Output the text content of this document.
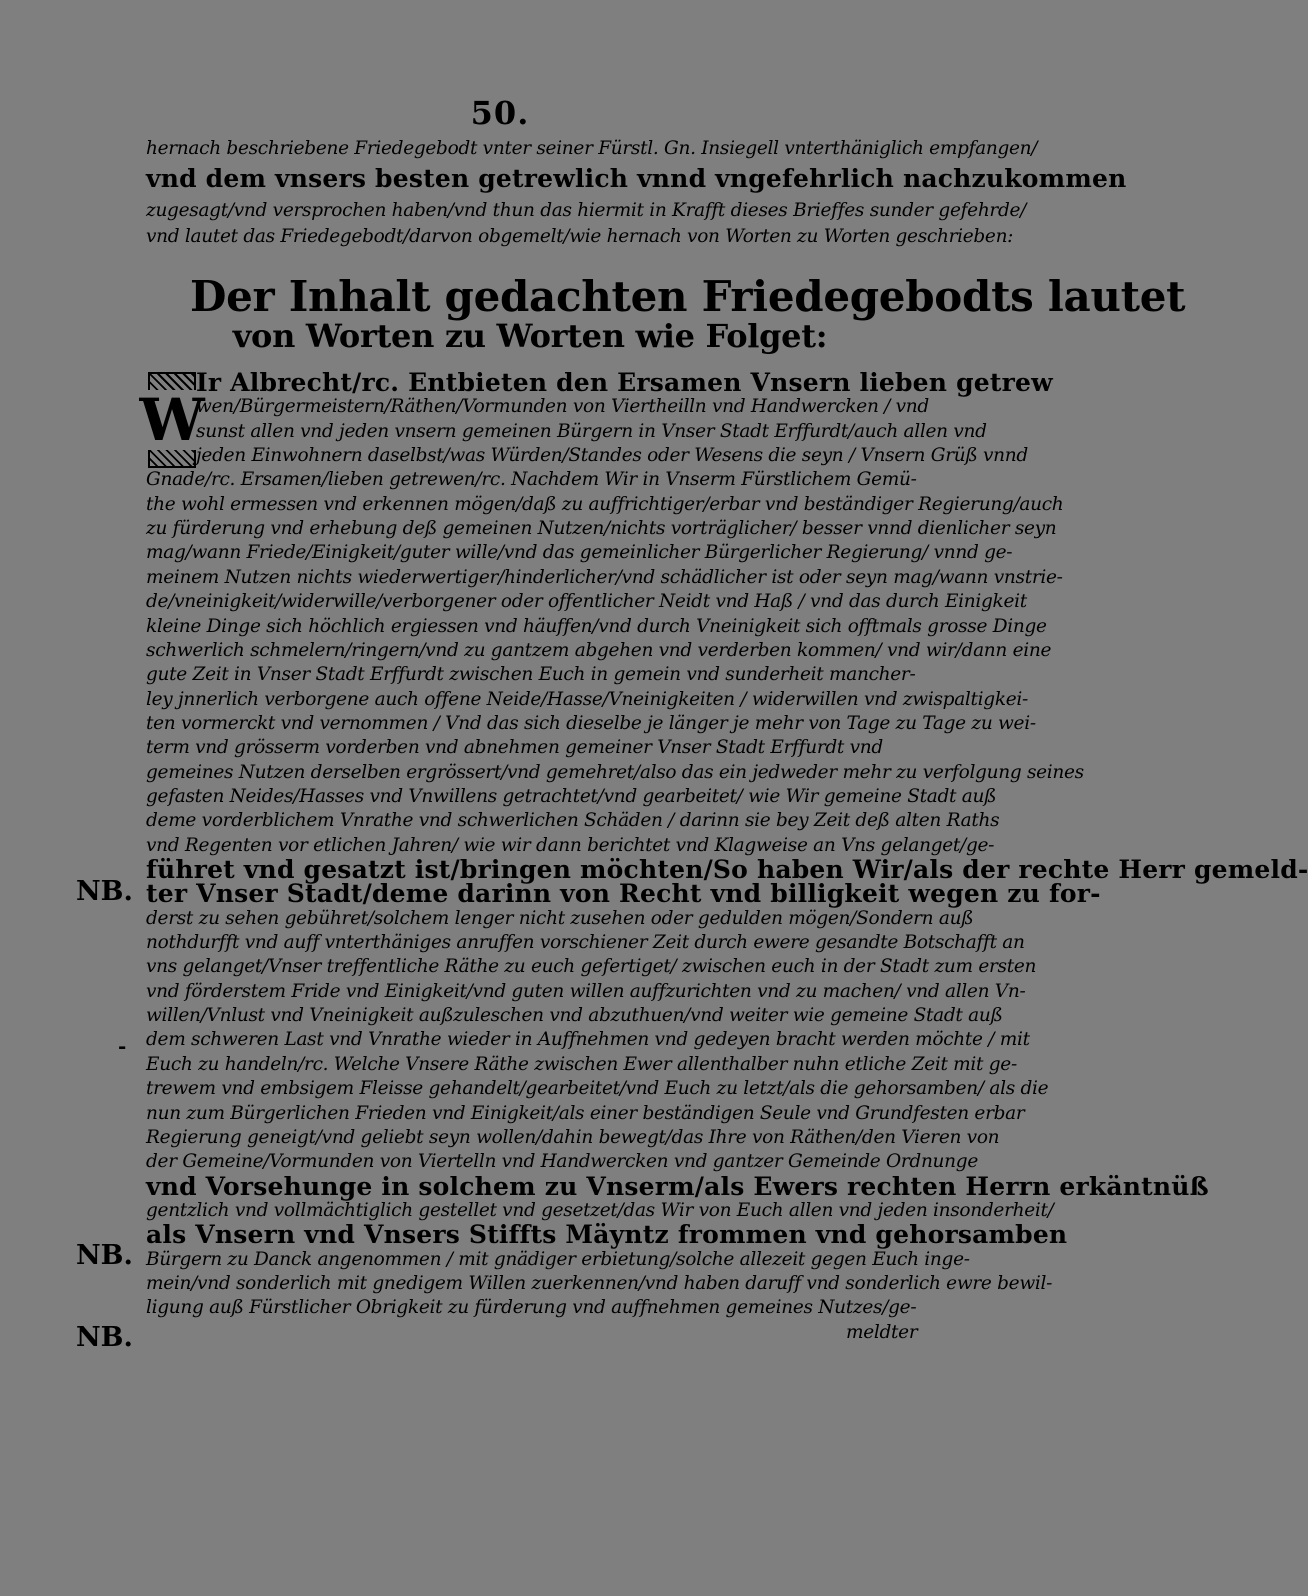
50.
hernach beschriebene Friedegebodt vnter seiner Fürstl. Gn. Insiegell vnterthäniglich empfangen/
vnd dem vnsers besten getrewlich vnnd vngefehrlich nachzukommen
zugesagt/vnd versprochen haben/vnd thun das hiermit in Krafft dieses Brieffes sunder gefehrde/
vnd lautet das Friedegebodt/darvon obgemelt/wie hernach von Worten zu Worten geschrieben:
Der Inhalt gedachten Friedegebodts lautet
von Worten zu Worten wie Folget:
W
Ir Albrecht/rc. Entbieten den Ersamen Vnsern lieben getrew
wen/Bürgermeistern/Räthen/Vormunden von Viertheilln vnd Handwercken / vnd
sunst allen vnd jeden vnsern gemeinen Bürgern in Vnser Stadt Erffurdt/auch allen vnd
jeden Einwohnern daselbst/was Würden/Standes oder Wesens die seyn / Vnsern Grüß vnnd
Gnade/rc. Ersamen/lieben getrewen/rc. Nachdem Wir in Vnserm Fürstlichem Gemü-
the wohl ermessen vnd erkennen mögen/daß zu auffrichtiger/erbar vnd beständiger Regierung/auch
zu fürderung vnd erhebung deß gemeinen Nutzen/nichts vorträglicher/ besser vnnd dienlicher seyn
mag/wann Friede/Einigkeit/guter wille/vnd das gemeinlicher Bürgerlicher Regierung/ vnnd ge-
meinem Nutzen nichts wiederwertiger/hinderlicher/vnd schädlicher ist oder seyn mag/wann vnstrie-
de/vneinigkeit/widerwille/verborgener oder offentlicher Neidt vnd Haß / vnd das durch Einigkeit
kleine Dinge sich höchlich ergiessen vnd häuffen/vnd durch Vneinigkeit sich offtmals grosse Dinge
schwerlich schmelern/ringern/vnd zu gantzem abgehen vnd verderben kommen/ vnd wir/dann eine
gute Zeit in Vnser Stadt Erffurdt zwischen Euch in gemein vnd sunderheit mancher-
ley jnnerlich verborgene auch offene Neide/Hasse/Vneinigkeiten / widerwillen vnd zwispaltigkei-
ten vormerckt vnd vernommen / Vnd das sich dieselbe je länger je mehr von Tage zu Tage zu wei-
term vnd grösserm vorderben vnd abnehmen gemeiner Vnser Stadt Erffurdt vnd
gemeines Nutzen derselben ergrössert/vnd gemehret/also das ein jedweder mehr zu verfolgung seines
gefasten Neides/Hasses vnd Vnwillens getrachtet/vnd gearbeitet/ wie Wir gemeine Stadt auß
deme vorderblichem Vnrathe vnd schwerlichen Schäden / darinn sie bey Zeit deß alten Raths
vnd Regenten vor etlichen Jahren/ wie wir dann berichtet vnd Klagweise an Vns gelanget/ge-
führet vnd gesatzt ist/bringen möchten/So haben Wir/als der rechte Herr gemeld-
ter Vnser Stadt/deme darinn von Recht vnd billigkeit wegen zu for-
derst zu sehen gebühret/solchem lenger nicht zusehen oder gedulden mögen/Sondern auß
nothdurfft vnd auff vnterthäniges anruffen vorschiener Zeit durch ewere gesandte Botschafft an
vns gelanget/Vnser treffentliche Räthe zu euch gefertiget/ zwischen euch in der Stadt zum ersten
vnd förderstem Fride vnd Einigkeit/vnd guten willen auffzurichten vnd zu machen/ vnd allen Vn-
willen/Vnlust vnd Vneinigkeit außzuleschen vnd abzuthuen/vnd weiter wie gemeine Stadt auß
dem schweren Last vnd Vnrathe wieder in Auffnehmen vnd gedeyen bracht werden möchte / mit
Euch zu handeln/rc. Welche Vnsere Räthe zwischen Ewer allenthalber nuhn etliche Zeit mit ge-
trewem vnd embsigem Fleisse gehandelt/gearbeitet/vnd Euch zu letzt/als die gehorsamben/ als die
nun zum Bürgerlichen Frieden vnd Einigkeit/als einer beständigen Seule vnd Grundfesten erbar
Regierung geneigt/vnd geliebt seyn wollen/dahin bewegt/das Ihre von Räthen/den Vieren von
der Gemeine/Vormunden von Viertelln vnd Handwercken vnd gantzer Gemeinde Ordnunge
vnd Vorsehunge in solchem zu Vnserm/als Ewers rechten Herrn erkäntnüß
gentzlich vnd vollmächtiglich gestellet vnd gesetzet/das Wir von Euch allen vnd jeden insonderheit/
als Vnsern vnd Vnsers Stiffts Mäyntz frommen vnd gehorsamben
Bürgern zu Danck angenommen / mit gnädiger erbietung/solche allezeit gegen Euch inge-
mein/vnd sonderlich mit gnedigem Willen zuerkennen/vnd haben daruff vnd sonderlich ewre bewil-
ligung auß Fürstlicher Obrigkeit zu fürderung vnd auffnehmen gemeines Nutzes/ge-
meldter
NB.
-
NB.
NB.
